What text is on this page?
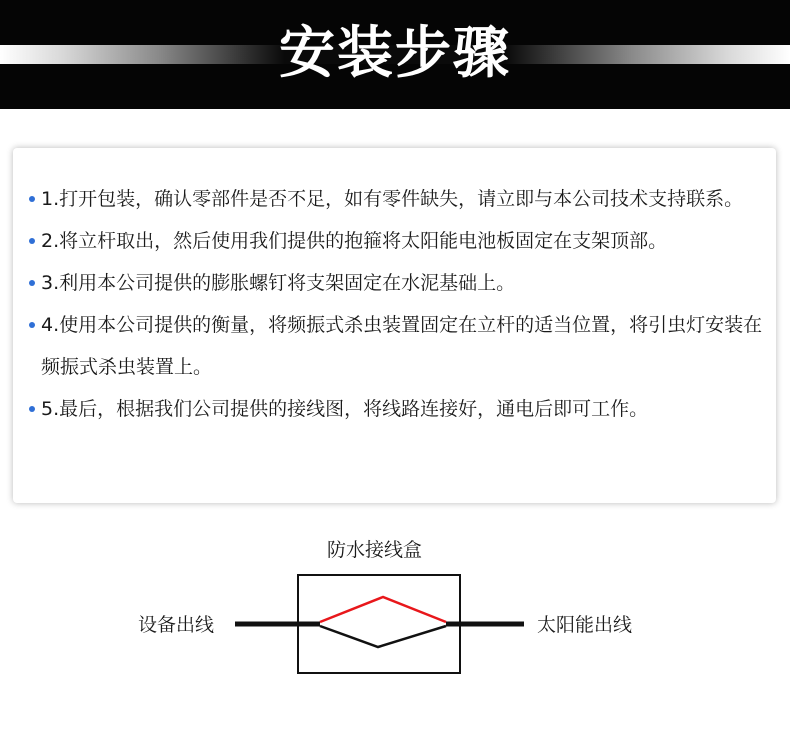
安装步骤
1.打开包装，确认零部件是否不足，如有零件缺失，请立即与本公司技术支持联系。
2.将立杆取出，然后使用我们提供的抱箍将太阳能电池板固定在支架顶部。
3.利用本公司提供的膨胀螺钉将支架固定在水泥基础上。
4.使用本公司提供的衡量，将频振式杀虫装置固定在立杆的适当位置，将引虫灯安装在频振式杀虫装置上。
5.最后，根据我们公司提供的接线图，将线路连接好，通电后即可工作。
防水接线盒
设备出线	太阳能出线
